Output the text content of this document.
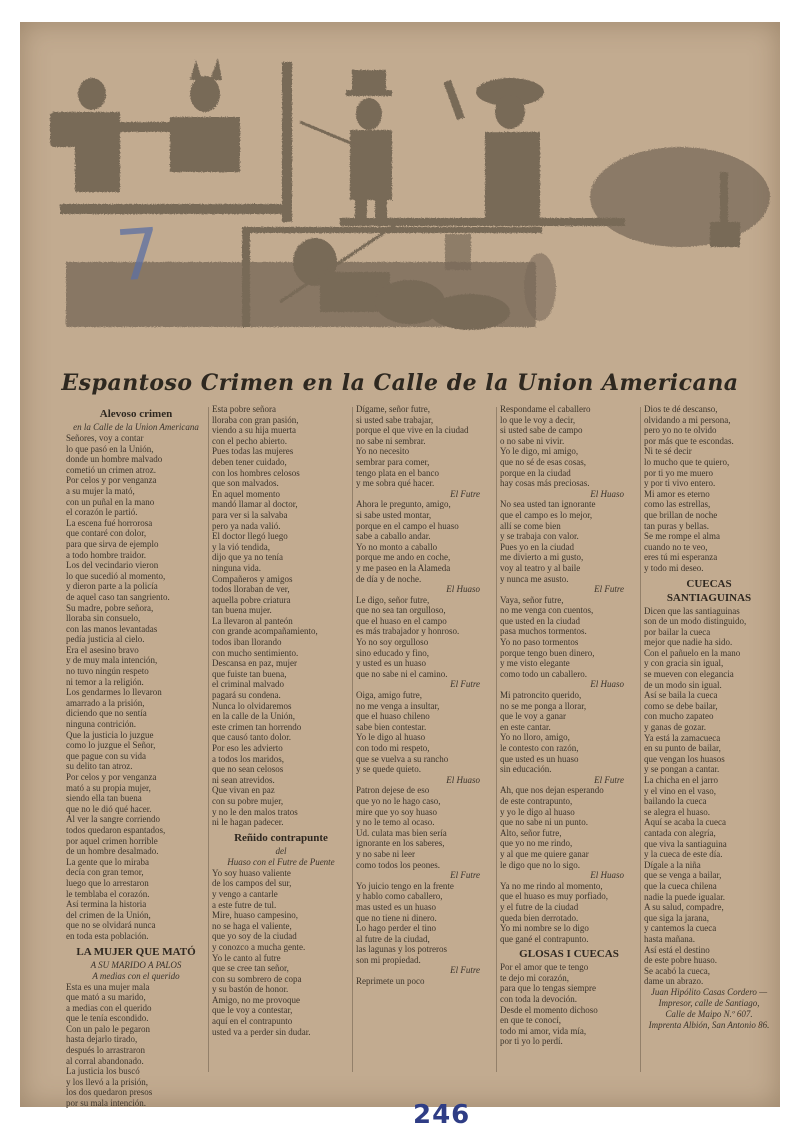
7
Espantoso Crimen en la Calle de la Union Americana
Alevoso crimen
en la Calle de la Union Americana
Señores, voy a contar
lo que pasó en la Unión,
donde un hombre malvado
cometió un crimen atroz.
Por celos y por venganza
a su mujer la mató,
con un puñal en la mano
el corazón le partió.
La escena fué horrorosa
que contaré con dolor,
para que sirva de ejemplo
a todo hombre traidor.
Los del vecindario vieron
lo que sucedió al momento,
y dieron parte a la policía
de aquel caso tan sangriento.
Su madre, pobre señora,
lloraba sin consuelo,
con las manos levantadas
pedía justicia al cielo.
Era el asesino bravo
y de muy mala intención,
no tuvo ningún respeto
ni temor a la religión.
Los gendarmes lo llevaron
amarrado a la prisión,
diciendo que no sentía
ninguna contrición.
Que la justicia lo juzgue
como lo juzgue el Señor,
que pague con su vida
su delito tan atroz.
Por celos y por venganza
mató a su propia mujer,
siendo ella tan buena
que no le dió qué hacer.
Al ver la sangre corriendo
todos quedaron espantados,
por aquel crimen horrible
de un hombre desalmado.
La gente que lo miraba
decía con gran temor,
luego que lo arrestaron
le temblaba el corazón.
Así termina la historia
del crimen de la Unión,
que no se olvidará nunca
en toda esta población.
LA MUJER QUE MATÓ
A SU MARIDO A PALOS
A medias con el querido
Esta es una mujer mala
que mató a su marido,
a medias con el querido
que le tenía escondido.
Con un palo le pegaron
hasta dejarlo tirado,
después lo arrastraron
al corral abandonado.
La justicia los buscó
y los llevó a la prisión,
los dos quedaron presos
por su mala intención.
Esta pobre señora
lloraba con gran pasión,
viendo a su hija muerta
con el pecho abierto.
Pues todas las mujeres
deben tener cuidado,
con los hombres celosos
que son malvados.
En aquel momento
mandó llamar al doctor,
para ver si la salvaba
pero ya nada valió.
El doctor llegó luego
y la vió tendida,
dijo que ya no tenía
ninguna vida.
Compañeros y amigos
todos lloraban de ver,
aquella pobre criatura
tan buena mujer.
La llevaron al panteón
con grande acompañamiento,
todos iban llorando
con mucho sentimiento.
Descansa en paz, mujer
que fuiste tan buena,
el criminal malvado
pagará su condena.
Nunca lo olvidaremos
en la calle de la Unión,
este crimen tan horrendo
que causó tanto dolor.
Por eso les advierto
a todos los maridos,
que no sean celosos
ni sean atrevidos.
Que vivan en paz
con su pobre mujer,
y no le den malos tratos
ni le hagan padecer.
Reñido contrapunte
del
Huaso con el Futre de Puente
Yo soy huaso valiente
de los campos del sur,
y vengo a cantarle
a este futre de tul.
Mire, huaso campesino,
no se haga el valiente,
que yo soy de la ciudad
y conozco a mucha gente.
Yo le canto al futre
que se cree tan señor,
con su sombrero de copa
y su bastón de honor.
Amigo, no me provoque
que le voy a contestar,
aquí en el contrapunto
usted va a perder sin dudar.
Dígame, señor futre,
si usted sabe trabajar,
porque el que vive en la ciudad
no sabe ni sembrar.
Yo no necesito
sembrar para comer,
tengo plata en el banco
y me sobra qué hacer.
El Futre
Ahora le pregunto, amigo,
si sabe usted montar,
porque en el campo el huaso
sabe a caballo andar.
Yo no monto a caballo
porque me ando en coche,
y me paseo en la Alameda
de día y de noche.
El Huaso
Le digo, señor futre,
que no sea tan orgulloso,
que el huaso en el campo
es más trabajador y honroso.
Yo no soy orgulloso
sino educado y fino,
y usted es un huaso
que no sabe ni el camino.
El Futre
Oiga, amigo futre,
no me venga a insultar,
que el huaso chileno
sabe bien contestar.
Yo le digo al huaso
con todo mi respeto,
que se vuelva a su rancho
y se quede quieto.
El Huaso
Patron dejese de eso
que yo no le hago caso,
mire que yo soy huaso
y no le temo al ocaso.
Ud. culata mas bien sería
ignorante en los saberes,
y no sabe ni leer
como todos los peones.
El Futre
Yo juicio tengo en la frente
y hablo como caballero,
mas usted es un huaso
que no tiene ni dinero.
Lo hago perder el tino
al futre de la ciudad,
las lagunas y los potreros
son mi propiedad.
El Futre
Reprimete un poco
Respondame el caballero
lo que le voy a decir,
si usted sabe de campo
o no sabe ni vivir.
Yo le digo, mi amigo,
que no sé de esas cosas,
porque en la ciudad
hay cosas más preciosas.
El Huaso
No sea usted tan ignorante
que el campo es lo mejor,
allí se come bien
y se trabaja con valor.
Pues yo en la ciudad
me divierto a mi gusto,
voy al teatro y al baile
y nunca me asusto.
El Futre
Vaya, señor futre,
no me venga con cuentos,
que usted en la ciudad
pasa muchos tormentos.
Yo no paso tormentos
porque tengo buen dinero,
y me visto elegante
como todo un caballero.
El Huaso
Mi patroncito querido,
no se me ponga a llorar,
que le voy a ganar
en este cantar.
Yo no lloro, amigo,
le contesto con razón,
que usted es un huaso
sin educación.
El Futre
Ah, que nos dejan esperando
de este contrapunto,
y yo le digo al huaso
que no sabe ni un punto.
Alto, señor futre,
que yo no me rindo,
y al que me quiere ganar
le digo que no lo sigo.
El Huaso
Ya no me rindo al momento,
que el huaso es muy porfiado,
y el futre de la ciudad
queda bien derrotado.
Yo mi nombre se lo digo
que gané el contrapunto.
GLOSAS I CUECAS
Por el amor que te tengo
te dejo mi corazón,
para que lo tengas siempre
con toda la devoción.
Desde el momento dichoso
en que te conocí,
todo mi amor, vida mía,
por ti yo lo perdí.
Dios te dé descanso,
olvidando a mi persona,
pero yo no te olvido
por más que te escondas.
Ni te sé decir
lo mucho que te quiero,
por ti yo me muero
y por ti vivo entero.
Mi amor es eterno
como las estrellas,
que brillan de noche
tan puras y bellas.
Se me rompe el alma
cuando no te veo,
eres tú mi esperanza
y todo mi deseo.
CUECAS SANTIAGUINAS
Dicen que las santiaguinas
son de un modo distinguido,
por bailar la cueca
mejor que nadie ha sido.
Con el pañuelo en la mano
y con gracia sin igual,
se mueven con elegancia
de un modo sin igual.
Así se baila la cueca
como se debe bailar,
con mucho zapateo
y ganas de gozar.
Ya está la zamacueca
en su punto de bailar,
que vengan los huasos
y se pongan a cantar.
La chicha en el jarro
y el vino en el vaso,
bailando la cueca
se alegra el huaso.
Aquí se acaba la cueca
cantada con alegría,
que viva la santiaguina
y la cueca de este día.
Dígale a la niña
que se venga a bailar,
que la cueca chilena
nadie la puede igualar.
A su salud, compadre,
que siga la jarana,
y cantemos la cueca
hasta mañana.
Así está el destino
de este pobre huaso.
Se acabó la cueca,
dame un abrazo.
Juan Hipólito Casas Cordero —
Impresor, calle de Santiago,
Calle de Maipo N.º 607.
Imprenta Albión, San Antonio 86.
246
